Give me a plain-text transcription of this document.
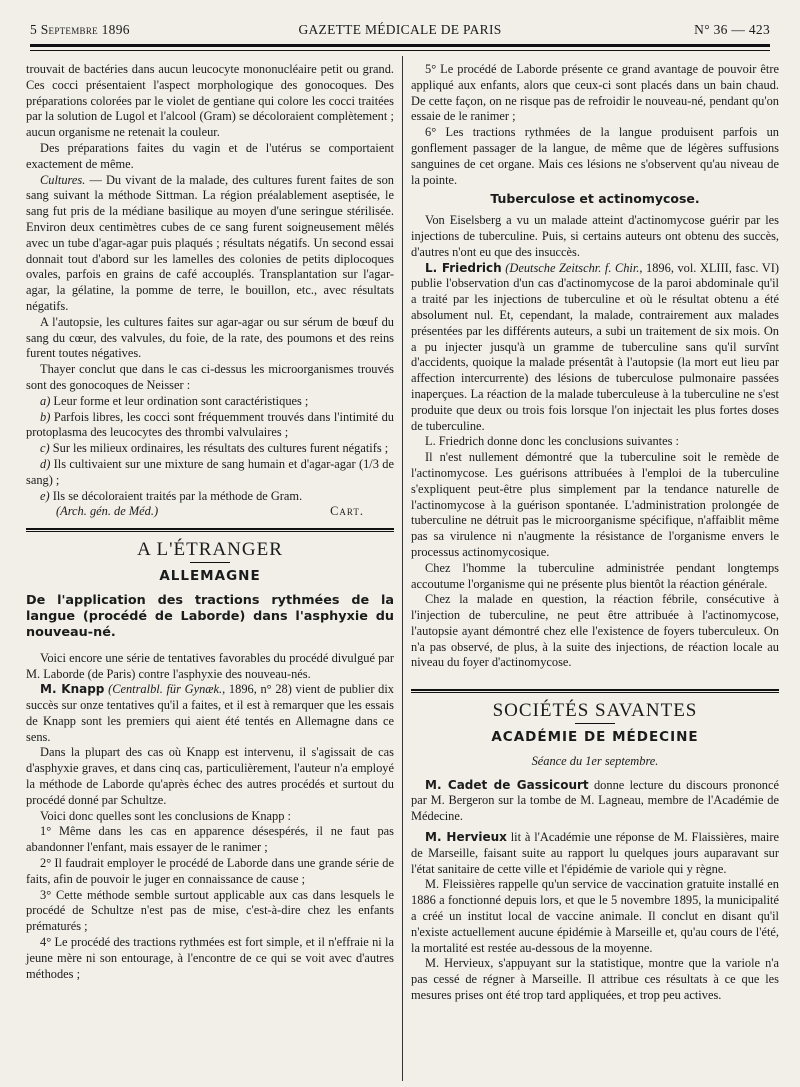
5 Septembre 1896	GAZETTE MÉDICALE DE PARIS	N° 36 — 423

trouvait de bactéries dans aucun leucocyte mononucléaire petit ou grand. Ces cocci présentaient l'aspect morphologique des gonocoques. Des préparations colorées par le violet de gentiane qui colore les cocci traitées par la solution de Lugol et l'alcool (Gram) se décoloraient complètement ; aucun organisme ne retenait la couleur.

Des préparations faites du vagin et de l'utérus se comportaient exactement de même.

Cultures. — Du vivant de la malade, des cultures furent faites de son sang suivant la méthode Sittman. La région préalablement aseptisée, le sang fut pris de la médiane basilique au moyen d'une seringue stérilisée. Environ deux centimètres cubes de ce sang furent soigneusement mêlés avec un tube d'agar-agar puis plaqués ; résultats négatifs. Un second essai donnait tout d'abord sur les lamelles des colonies de petits diplocoques ovales, parfois en grains de café accouplés. Transplantation sur l'agar-agar, la gélatine, la pomme de terre, le bouillon, etc., avec résultats négatifs.

A l'autopsie, les cultures faites sur agar-agar ou sur sérum de bœuf du sang du cœur, des valvules, du foie, de la rate, des poumons et des reins furent toutes négatives.

Thayer conclut que dans le cas ci-dessus les microorganismes trouvés sont des gonocoques de Neisser :

a) Leur forme et leur ordination sont caractéristiques ;

b) Parfois libres, les cocci sont fréquemment trouvés dans l'intimité du protoplasma des leucocytes des thrombi valvulaires ;

c) Sur les milieux ordinaires, les résultats des cultures furent négatifs ;

d) Ils cultivaient sur une mixture de sang humain et d'agar-agar (1/3 de sang) ;

e) Ils se décoloraient traités par la méthode de Gram.

(Arch. gén. de Méd.)	Cart.
A L'ÉTRANGER
ALLEMAGNE
De l'application des tractions rythmées de la langue (procédé de Laborde) dans l'asphyxie du nouveau-né.

Voici encore une série de tentatives favorables du procédé divulgué par M. Laborde (de Paris) contre l'asphyxie des nouveau-nés.

M. Knapp (Centralbl. für Gynæk., 1896, n° 28) vient de publier dix succès sur onze tentatives qu'il a faites, et il est à remarquer que les essais de Knapp sont les premiers qui aient été tentés en Allemagne dans ce sens.

Dans la plupart des cas où Knapp est intervenu, il s'agissait de cas d'asphyxie graves, et dans cinq cas, particulièrement, l'auteur n'a employé la méthode de Laborde qu'après échec des autres procédés et surtout du procédé donné par Schultze.

Voici donc quelles sont les conclusions de Knapp :

1° Même dans les cas en apparence désespérés, il ne faut pas abandonner l'enfant, mais essayer de le ranimer ;

2° Il faudrait employer le procédé de Laborde dans une grande série de faits, afin de pouvoir le juger en connaissance de cause ;

3° Cette méthode semble surtout applicable aux cas dans lesquels le procédé de Schultze n'est pas de mise, c'est-à-dire chez les enfants prématurés ;

4° Le procédé des tractions rythmées est fort simple, et il n'effraie ni la jeune mère ni son entourage, à l'encontre de ce qui se voit avec d'autres méthodes ;

5° Le procédé de Laborde présente ce grand avantage de pouvoir être appliqué aux enfants, alors que ceux-ci sont placés dans un bain chaud. De cette façon, on ne risque pas de refroidir le nouveau-né, pendant qu'on essaie de le ranimer ;

6° Les tractions rythmées de la langue produisent parfois un gonflement passager de la langue, de même que de légères suffusions sanguines de cet organe. Mais ces lésions ne s'observent qu'au niveau de la pointe.

Tuberculose et actinomycose.

Von Eiselsberg a vu un malade atteint d'actinomycose guérir par les injections de tuberculine. Puis, si certains auteurs ont obtenu des succès, d'autres n'ont eu que des insuccès.

L. Friedrich (Deutsche Zeitschr. f. Chir., 1896, vol. XLIII, fasc. VI) publie l'observation d'un cas d'actinomycose de la paroi abdominale qu'il a traité par les injections de tuberculine et où le résultat obtenu a été absolument nul. Et, cependant, la malade, contrairement aux malades présentées par les différents auteurs, a subi un traitement de six mois. On a pu injecter jusqu'à un gramme de tuberculine sans qu'il survînt d'accidents, quoique la malade présentât à l'autopsie (la mort eut lieu par affection intercurrente) des lésions de tuberculose pulmonaire passées inaperçues. La réaction de la malade tuberculeuse à la tuberculine ne s'est produite que deux ou trois fois lorsque l'on injectait les plus fortes doses de tuberculine.

L. Friedrich donne donc les conclusions suivantes :

Il n'est nullement démontré que la tuberculine soit le remède de l'actinomycose. Les guérisons attribuées à l'emploi de la tuberculine s'expliquent peut-être plus simplement par la tendance naturelle de l'actinomycose à la guérison spontanée. L'administration prolongée de tuberculine ne détruit pas le microorganisme spécifique, n'affaiblit même pas sa virulence ni n'augmente la résistance de l'organisme envers le processus actinomycosique.

Chez l'homme la tuberculine administrée pendant longtemps accoutume l'organisme qui ne présente plus bientôt la réaction générale.

Chez la malade en question, la réaction fébrile, consécutive à l'injection de tuberculine, ne peut être attribuée à l'actinomycose, l'autopsie ayant démontré chez elle l'existence de foyers tuberculeux. On n'a pas observé, de plus, à la suite des injections, de réaction locale au niveau du foyer d'actinomycose.

SOCIÉTÉS SAVANTES
ACADÉMIE DE MÉDECINE
Séance du 1er septembre.

M. Cadet de Gassicourt donne lecture du discours prononcé par M. Bergeron sur la tombe de M. Lagneau, membre de l'Académie de Médecine.

M. Hervieux lit à l'Académie une réponse de M. Flaissières, maire de Marseille, faisant suite au rapport lu quelques jours auparavant sur l'état sanitaire de cette ville et l'épidémie de variole qui y règne.

M. Fleissières rappelle qu'un service de vaccination gratuite installé en 1886 a fonctionné depuis lors, et que le 5 novembre 1895, la municipalité a créé un institut local de vaccine animale. Il conclut en disant qu'il n'existe actuellement aucune épidémie à Marseille et, qu'au cours de l'été, la mortalité est restée au-dessous de la moyenne.

M. Hervieux, s'appuyant sur la statistique, montre que la variole n'a pas cessé de régner à Marseille. Il attribue ces résultats à ce que les mesures prises ont été trop tard appliquées, et trop peu actives.
